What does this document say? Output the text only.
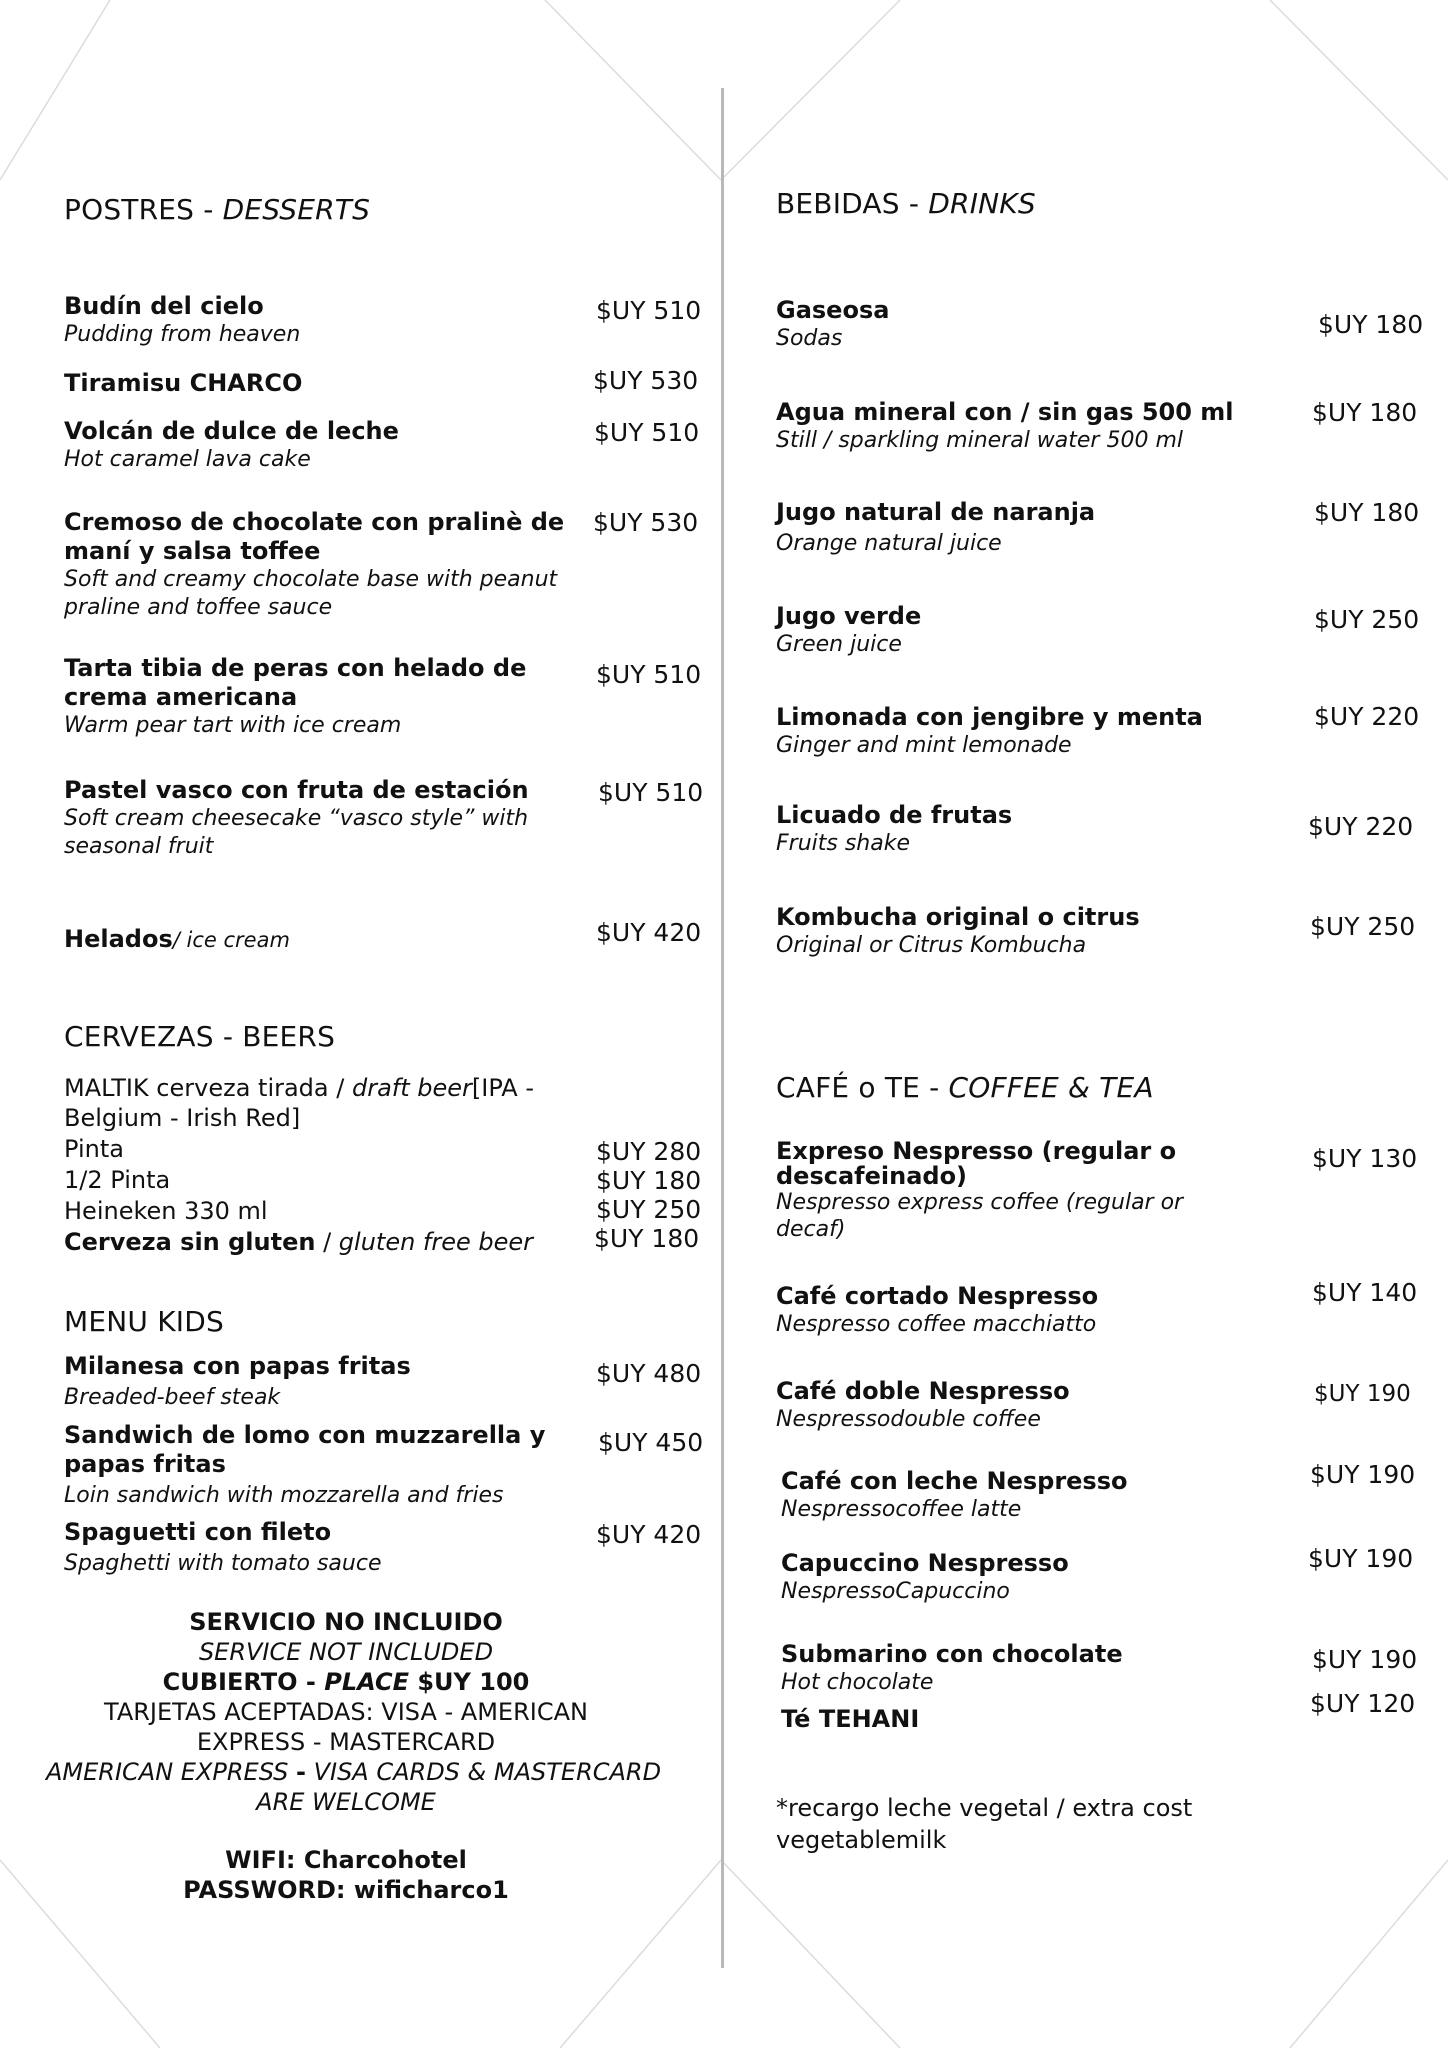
POSTRES - DESSERTS
Budín del cielo
Pudding from heaven
$UY 510
Tiramisu CHARCO	$UY 530
Volcán de dulce de leche
Hot caramel lava cake
$UY 510
Cremoso de chocolate con pralinè de maní y salsa toffee
Soft and creamy chocolate base with peanut praline and toffee sauce
$UY 530
Tarta tibia de peras con helado de crema americana
Warm pear tart with ice cream
$UY 510
Pastel vasco con fruta de estación
Soft cream cheesecake “vasco style” with seasonal fruit
$UY 510
Helados/ ice cream	$UY 420
CERVEZAS - BEERS
MALTIK cerveza tirada / draft beer[IPA -
Belgium - Irish Red]
Pinta	$UY 280
1/2 Pinta	$UY 180
Heineken 330 ml	$UY 250
Cerveza sin gluten / gluten free beer $UY 180
MENU KIDS
Milanesa con papas fritas
Breaded-beef steak
$UY 480
Sandwich de lomo con muzzarella y papas fritas
Loin sandwich with mozzarella and fries
$UY 450
Spaguetti con fileto
Spaghetti with tomato sauce
$UY 420
SERVICIO NO INCLUIDO
SERVICE NOT INCLUDED
CUBIERTO - PLACE $UY 100
TARJETAS ACEPTADAS: VISA - AMERICAN
EXPRESS - MASTERCARD
AMERICAN EXPRESS - VISA CARDS & MASTERCARD
ARE WELCOME
WIFI: Charcohotel
PASSWORD: wificharco1
BEBIDAS - DRINKS
Gaseosa
Sodas	$UY 180
Agua mineral con / sin gas 500 ml
Still / sparkling mineral water 500 ml
$UY 180
Jugo natural de naranja
Orange natural juice
$UY 180
Jugo verde
Green juice
$UY 250
Limonada con jengibre y menta
Ginger and mint lemonade
$UY 220
Licuado de frutas
Fruits shake
$UY 220
Kombucha original o citrus
Original or Citrus Kombucha
$UY 250
CAFÉ o TE - COFFEE & TEA
Expreso Nespresso (regular o descafeinado)
Nespresso express coffee (regular or decaf)
$UY 130
Café cortado Nespresso
Nespresso coffee macchiatto
$UY 140
Café doble Nespresso
Nespressodouble coffee
$UY 190
Café con leche Nespresso
Nespressocoffee latte
$UY 190
Capuccino Nespresso
NespressoCapuccino
$UY 190
Submarino con chocolate
Hot chocolate
$UY 190
Té TEHANI
$UY 120
*recargo leche vegetal / extra cost vegetablemilk
